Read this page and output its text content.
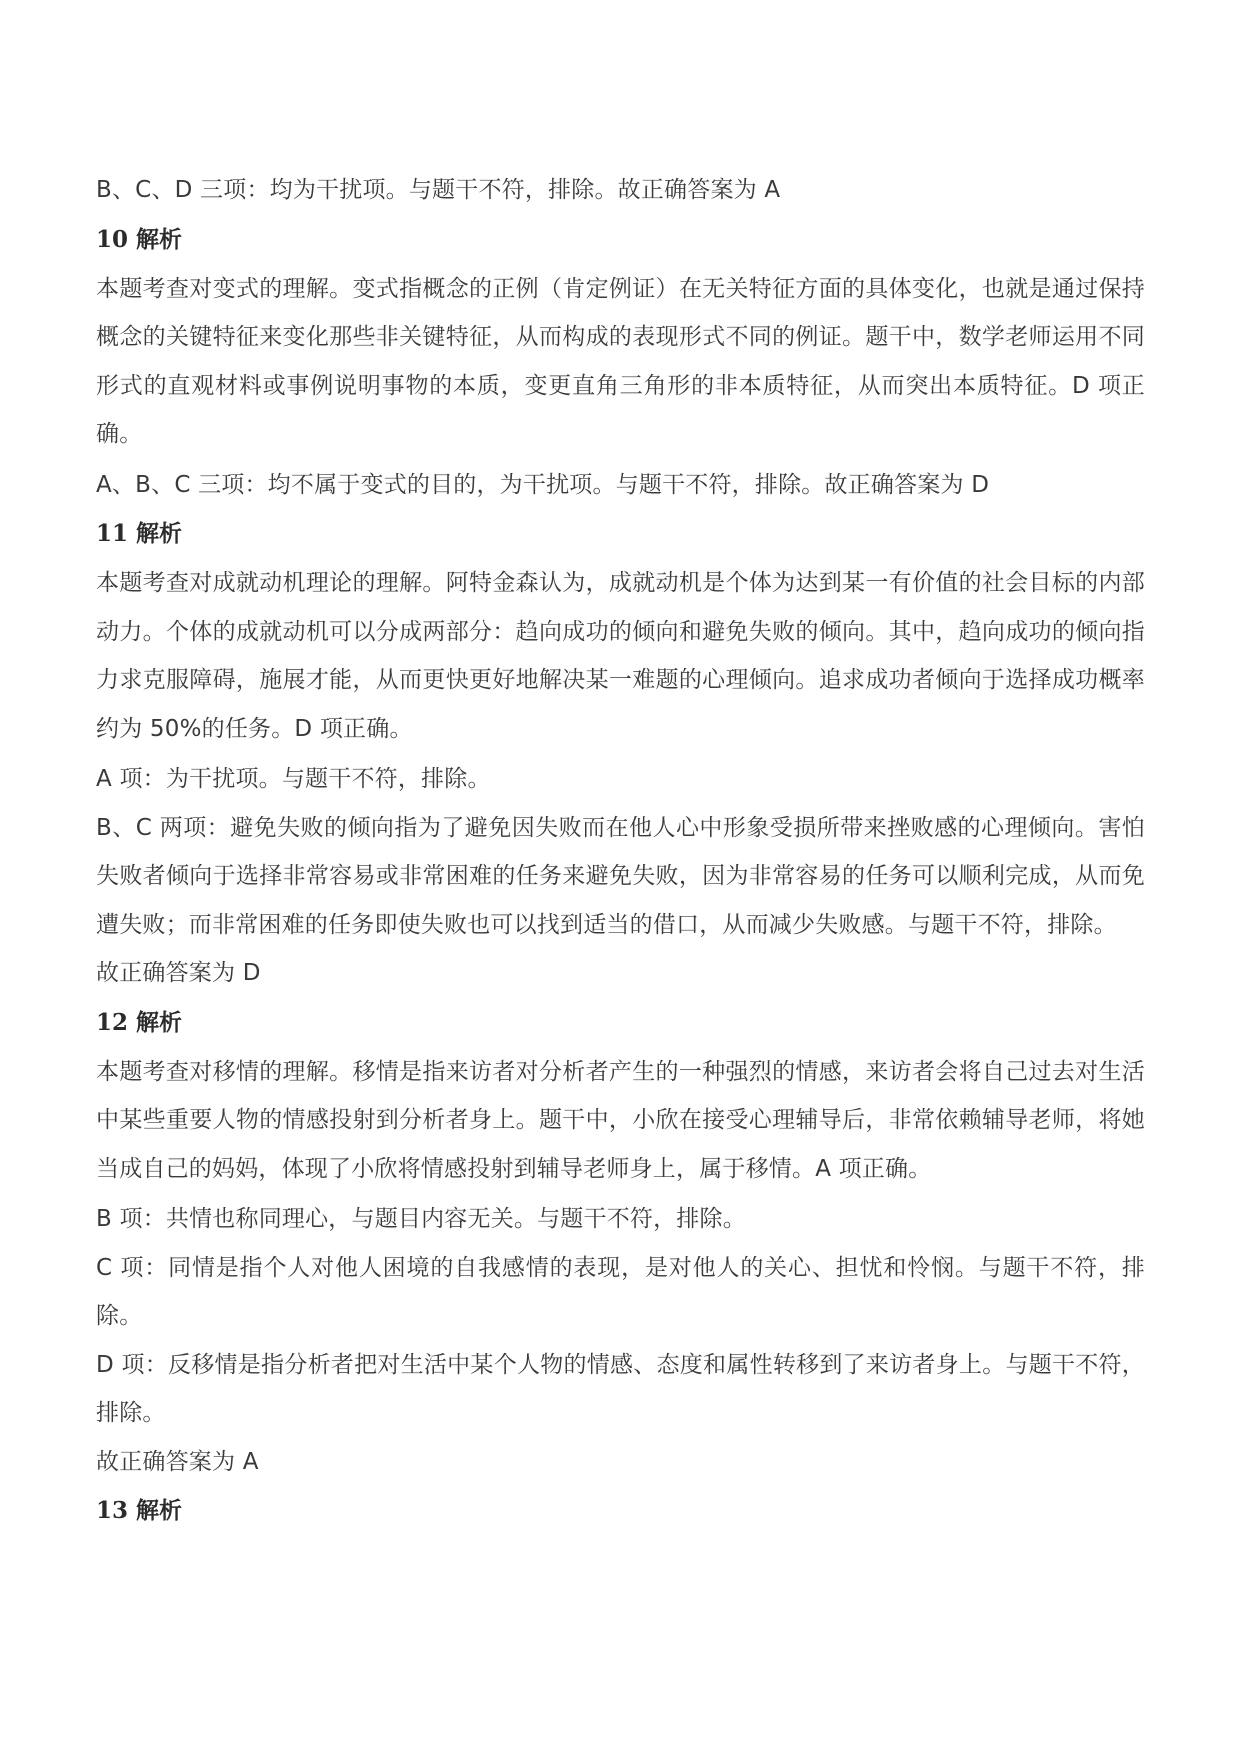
B、C、D 三项：均为干扰项。与题干不符，排除。故正确答案为 A

10 解析

本题考查对变式的理解。变式指概念的正例（肯定例证）在无关特征方面的具体变化，也就是通过保持概念的关键特征来变化那些非关键特征，从而构成的表现形式不同的例证。题干中，数学老师运用不同形式的直观材料或事例说明事物的本质，变更直角三角形的非本质特征，从而突出本质特征。D 项正确。

A、B、C 三项：均不属于变式的目的，为干扰项。与题干不符，排除。故正确答案为 D

11 解析

本题考查对成就动机理论的理解。阿特金森认为，成就动机是个体为达到某一有价值的社会目标的内部动力。个体的成就动机可以分成两部分：趋向成功的倾向和避免失败的倾向。其中，趋向成功的倾向指力求克服障碍，施展才能，从而更快更好地解决某一难题的心理倾向。追求成功者倾向于选择成功概率约为 50%的任务。D 项正确。

A 项：为干扰项。与题干不符，排除。

B、C 两项：避免失败的倾向指为了避免因失败而在他人心中形象受损所带来挫败感的心理倾向。害怕失败者倾向于选择非常容易或非常困难的任务来避免失败，因为非常容易的任务可以顺利完成，从而免遭失败；而非常困难的任务即使失败也可以找到适当的借口，从而减少失败感。与题干不符，排除。

故正确答案为 D

12 解析

本题考查对移情的理解。移情是指来访者对分析者产生的一种强烈的情感，来访者会将自己过去对生活中某些重要人物的情感投射到分析者身上。题干中，小欣在接受心理辅导后，非常依赖辅导老师，将她当成自己的妈妈，体现了小欣将情感投射到辅导老师身上，属于移情。A 项正确。

B 项：共情也称同理心，与题目内容无关。与题干不符，排除。

C 项：同情是指个人对他人困境的自我感情的表现，是对他人的关心、担忧和怜悯。与题干不符，排除。

D 项：反移情是指分析者把对生活中某个人物的情感、态度和属性转移到了来访者身上。与题干不符，排除。

故正确答案为 A

13 解析
